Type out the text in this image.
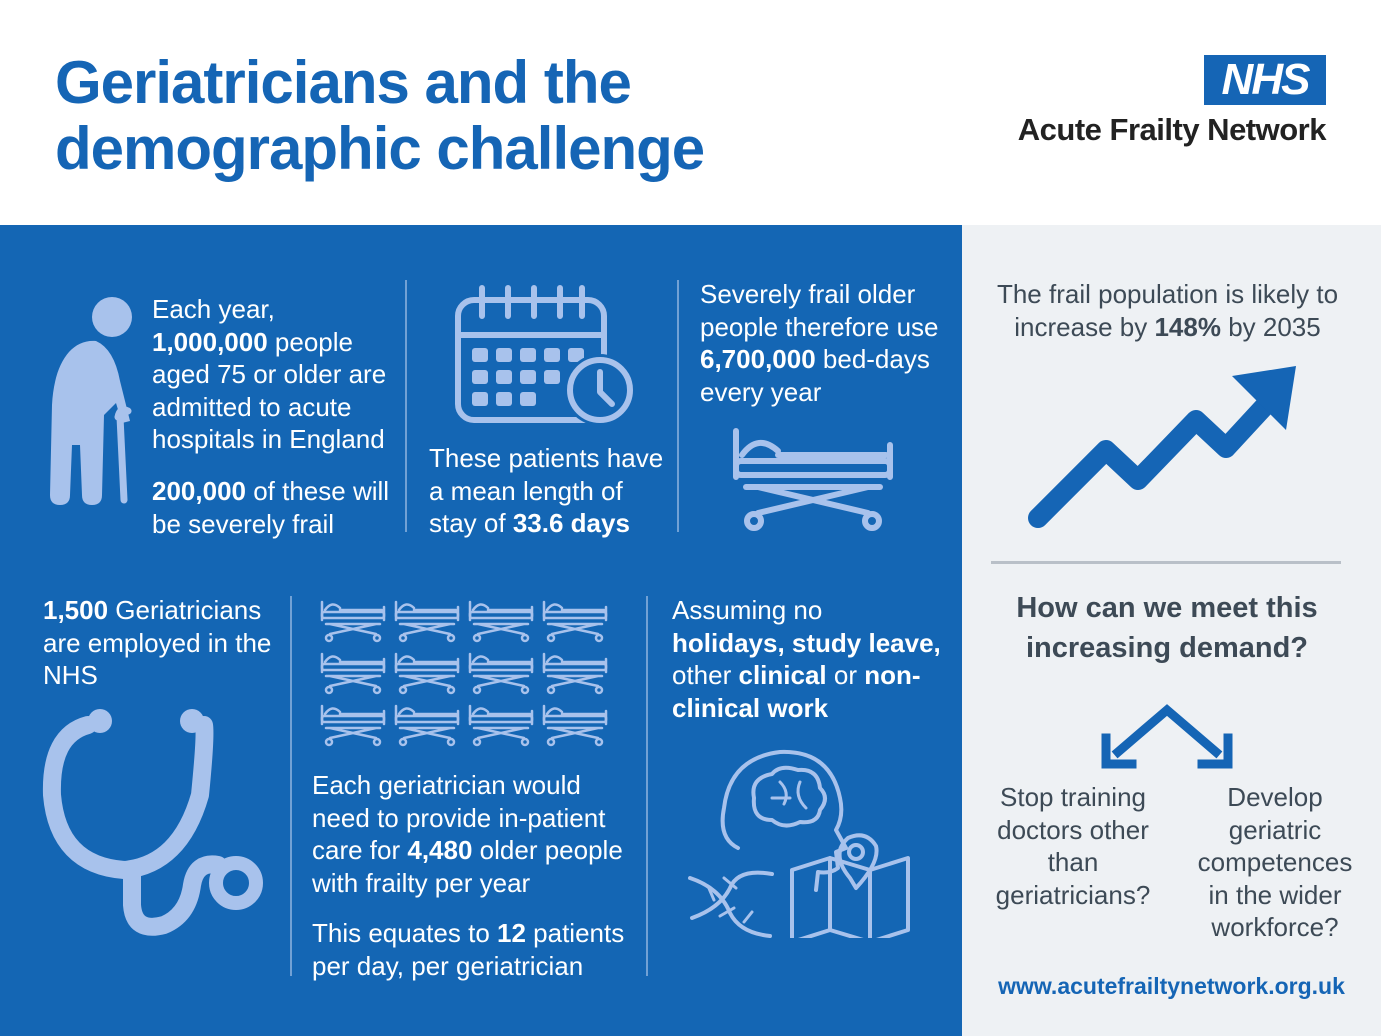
Geriatricians and the demographic challenge
NHS
Acute Frailty Network
Each year,
1,000,000 people aged 75 or older are admitted to acute hospitals in England
200,000 of these will be severely frail
These patients have a mean length of stay of 33.6 days
Severely frail older people therefore use 6,700,000 bed-days every year
1,500 Geriatricians are employed in the NHS
Each geriatrician would need to provide in-patient care for 4,480 older people with frailty per year
This equates to 12 patients per day, per geriatrician
Assuming no holidays, study leave, other clinical or non-clinical work
The frail population is likely to increase by 148% by 2035
How can we meet this increasing demand?
Stop training doctors other than geriatricians?
Develop geriatric competences in the wider workforce?
www.acutefrailtynetwork.org.uk
